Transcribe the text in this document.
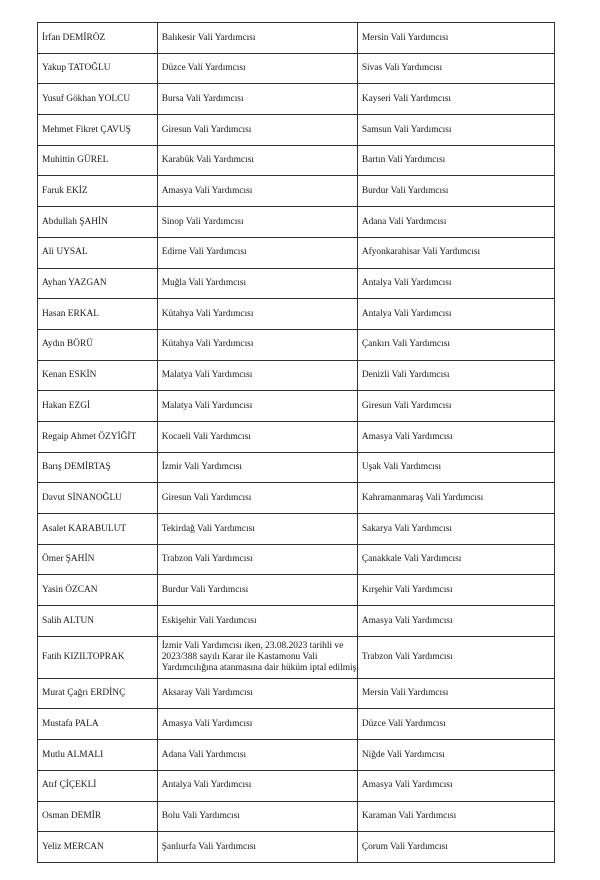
İrfan DEMİRÖZ	Balıkesir Vali Yardımcısı	Mersin Vali Yardımcısı
Yakup TATOĞLU	Düzce Vali Yardımcısı	Sivas Vali Yardımcısı
Yusuf Gökhan YOLCU	Bursa Vali Yardımcısı	Kayseri Vali Yardımcısı
Mehmet Fikret ÇAVUŞ	Giresun Vali Yardımcısı	Samsun Vali Yardımcısı
Muhittin GÜREL	Karabük Vali Yardımcısı	Bartın Vali Yardımcısı
Faruk EKİZ	Amasya Vali Yardımcısı	Burdur Vali Yardımcısı
Abdullah ŞAHİN	Sinop Vali Yardımcısı	Adana Vali Yardımcısı
Ali UYSAL	Edirne Vali Yardımcısı	Afyonkarahisar Vali Yardımcısı
Ayhan YAZGAN	Muğla Vali Yardımcısı	Antalya Vali Yardımcısı
Hasan ERKAL	Kütahya Vali Yardımcısı	Antalya Vali Yardımcısı
Aydın BÖRÜ	Kütahya Vali Yardımcısı	Çankırı Vali Yardımcısı
Kenan ESKİN	Malatya Vali Yardımcısı	Denizli Vali Yardımcısı
Hakan EZGİ	Malatya Vali Yardımcısı	Giresun Vali Yardımcısı
Regaip Ahmet ÖZYİĞİT	Kocaeli Vali Yardımcısı	Amasya Vali Yardımcısı
Barış DEMİRTAŞ	İzmir Vali Yardımcısı	Uşak Vali Yardımcısı
Davut SİNANOĞLU	Giresun Vali Yardımcısı	Kahramanmaraş Vali Yardımcısı
Asalet KARABULUT	Tekirdağ Vali Yardımcısı	Sakarya Vali Yardımcısı
Ömer ŞAHİN	Trabzon Vali Yardımcısı	Çanakkale Vali Yardımcısı
Yasin ÖZCAN	Burdur Vali Yardımcısı	Kırşehir Vali Yardımcısı
Salih ALTUN	Eskişehir Vali Yardımcısı	Amasya Vali Yardımcısı
Fatih KIZILTOPRAK	İzmir Vali Yardımcısı iken, 23.08.2023 tarihli ve 2023/388 sayılı Karar ile Kastamonu Vali Yardımcılığına atanmasına dair hüküm iptal edilmiş	Trabzon Vali Yardımcısı
Murat Çağrı ERDİNÇ	Aksaray Vali Yardımcısı	Mersin Vali Yardımcısı
Mustafa PALA	Amasya Vali Yardımcısı	Düzce Vali Yardımcısı
Mutlu ALMALI	Adana Vali Yardımcısı	Niğde Vali Yardımcısı
Atıf ÇİÇEKLİ	Antalya Vali Yardımcısı	Amasya Vali Yardımcısı
Osman DEMİR	Bolu Vali Yardımcısı	Karaman Vali Yardımcısı
Yeliz MERCAN	Şanlıurfa Vali Yardımcısı	Çorum Vali Yardımcısı
